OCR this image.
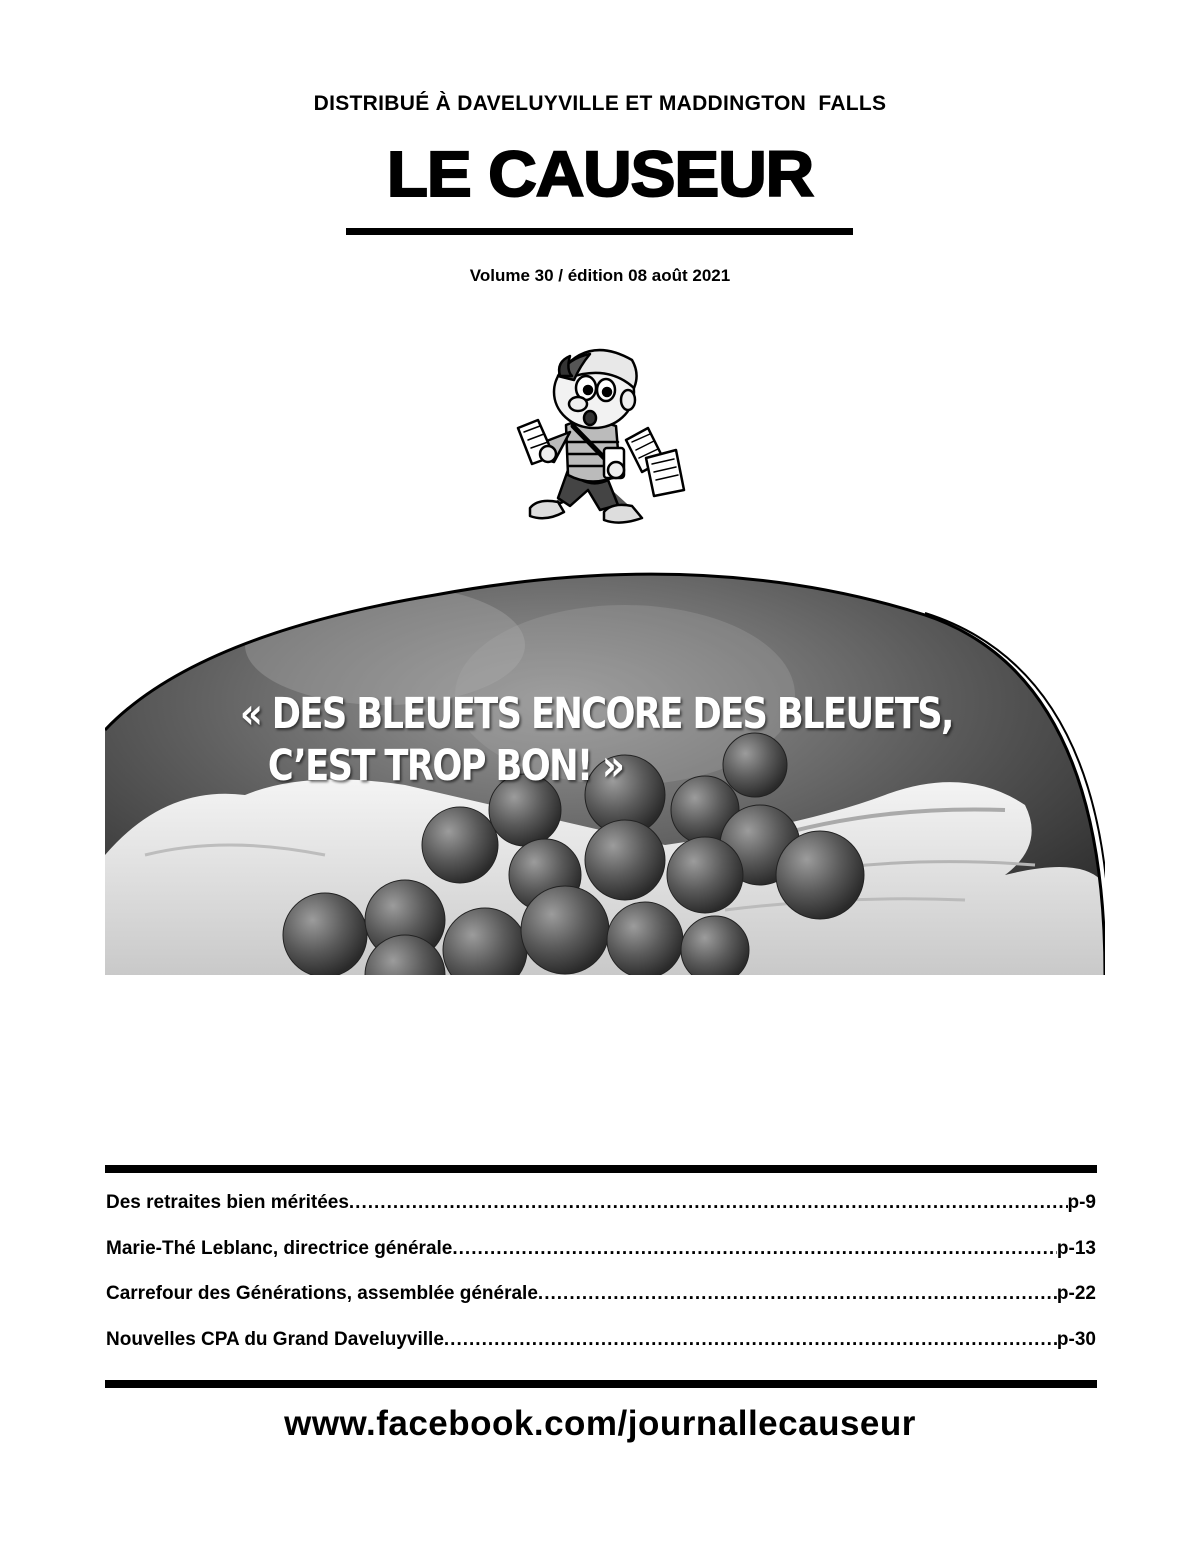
DISTRIBUÉ À DAVELUYVILLE ET MADDINGTON  FALLS
LE CAUSEUR
Volume 30 / édition 08 août 2021
« DES BLEUETS ENCORE DES BLEUETS,
C’EST TROP BON! »
Des retraites bien méritées .....	p-9
Marie-Thé Leblanc, directrice générale .....	p-13
Carrefour des Générations, assemblée générale .....	p-22
Nouvelles CPA du Grand Daveluyville .....	p-30
www.facebook.com/journallecauseur
